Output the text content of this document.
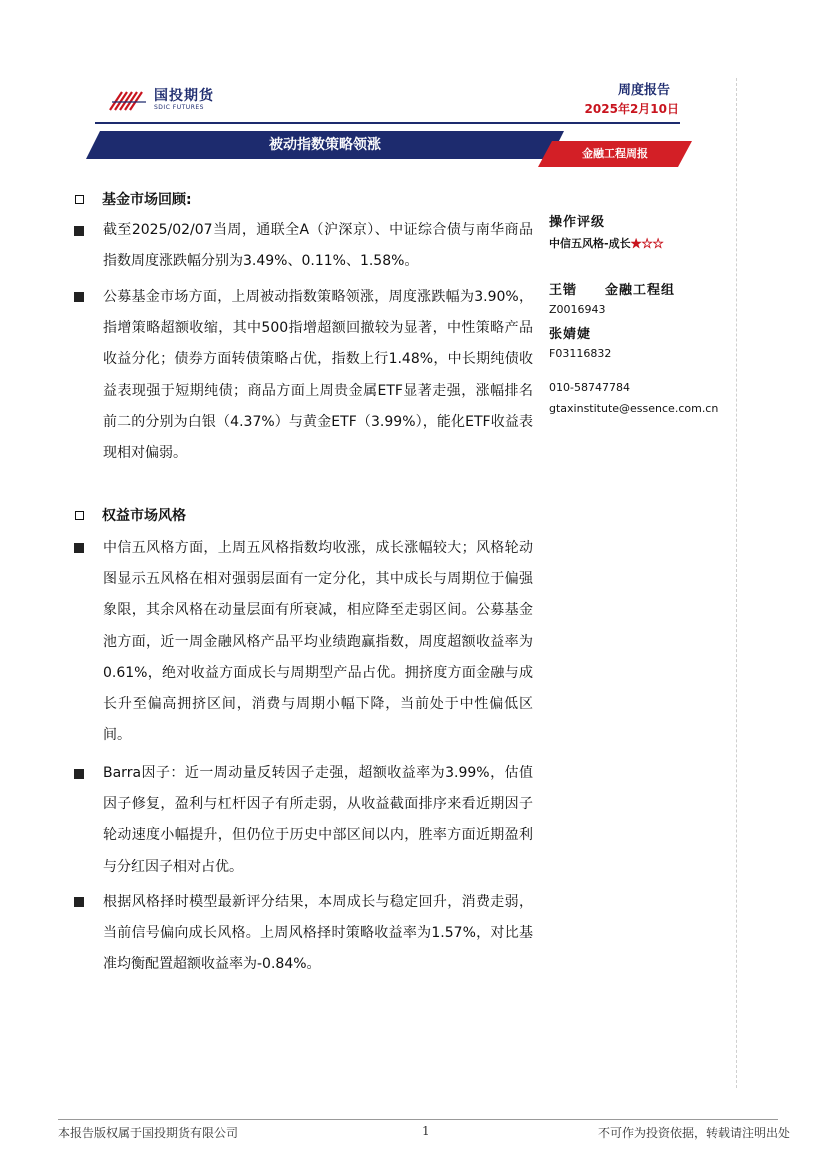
国投期货
SDIC FUTURES
周度报告
2025年2月10日
被动指数策略领涨
金融工程周报
基金市场回顾:
截至2025/02/07当周，通联全A（沪深京）、中证综合债与南华商品指数周度涨跌幅分别为3.49%、0.11%、1.58%。
公募基金市场方面，上周被动指数策略领涨，周度涨跌幅为3.90%，指增策略超额收缩，其中500指增超额回撤较为显著，中性策略产品收益分化；债券方面转债策略占优，指数上行1.48%，中长期纯债收益表现强于短期纯债；商品方面上周贵金属ETF显著走强，涨幅排名前二的分别为白银（4.37%）与黄金ETF（3.99%），能化ETF收益表现相对偏弱。
权益市场风格
中信五风格方面，上周五风格指数均收涨，成长涨幅较大；风格轮动图显示五风格在相对强弱层面有一定分化，其中成长与周期位于偏强象限，其余风格在动量层面有所衰减，相应降至走弱区间。公募基金池方面，近一周金融风格产品平均业绩跑赢指数，周度超额收益率为0.61%，绝对收益方面成长与周期型产品占优。拥挤度方面金融与成长升至偏高拥挤区间，消费与周期小幅下降，当前处于中性偏低区间。
Barra因子：近一周动量反转因子走强，超额收益率为3.99%，估值因子修复，盈利与杠杆因子有所走弱，从收益截面排序来看近期因子轮动速度小幅提升，但仍位于历史中部区间以内，胜率方面近期盈利与分红因子相对占优。
根据风格择时模型最新评分结果，本周成长与稳定回升，消费走弱，当前信号偏向成长风格。上周风格择时策略收益率为1.57%，对比基准均衡配置超额收益率为-0.84%。
操作评级
中信五风格-成长★☆☆
王锴 金融工程组
Z0016943
张婧婕
F03116832
010-58747784
gtaxinstitute@essence.com.cn
本报告版权属于国投期货有限公司	1	不可作为投资依据，转载请注明出处
